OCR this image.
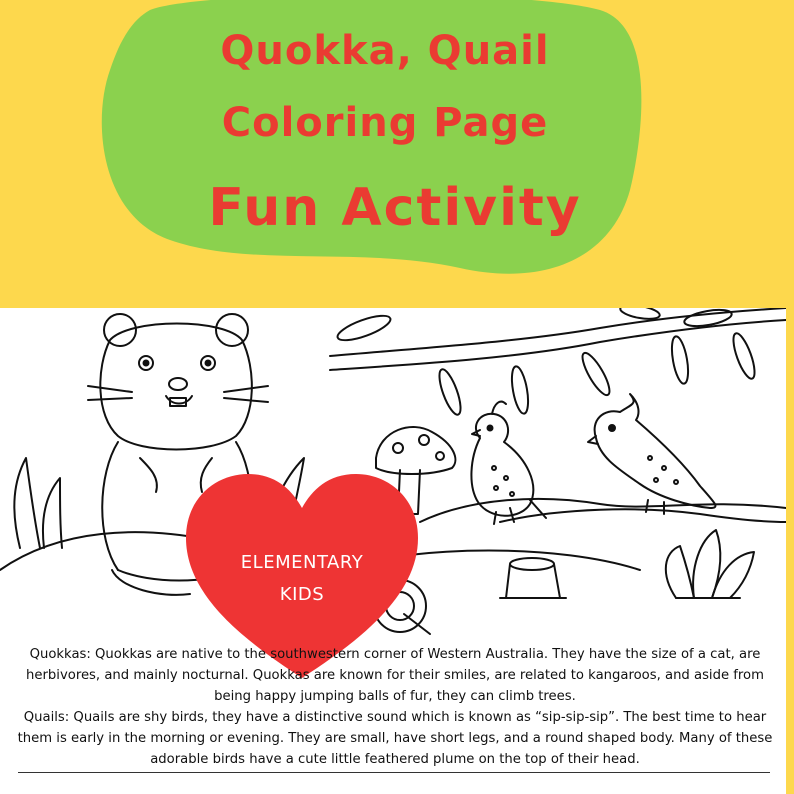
Quokka, Quail
Coloring Page
Fun Activity
ELEMENTARY
KIDS

Quokkas: Quokkas are native to the southwestern corner of Western Australia. They have the size of a cat, are herbivores, and mainly nocturnal. Quokkas are known for their smiles, are related to kangaroos, and aside from being happy jumping balls of fur, they can climb trees.

Quails: Quails are shy birds, they have a distinctive sound which is known as “sip-sip-sip”. The best time to hear them is early in the morning or evening. They are small, have short legs, and a round shaped body. Many of these adorable birds have a cute little feathered plume on the top of their head.
